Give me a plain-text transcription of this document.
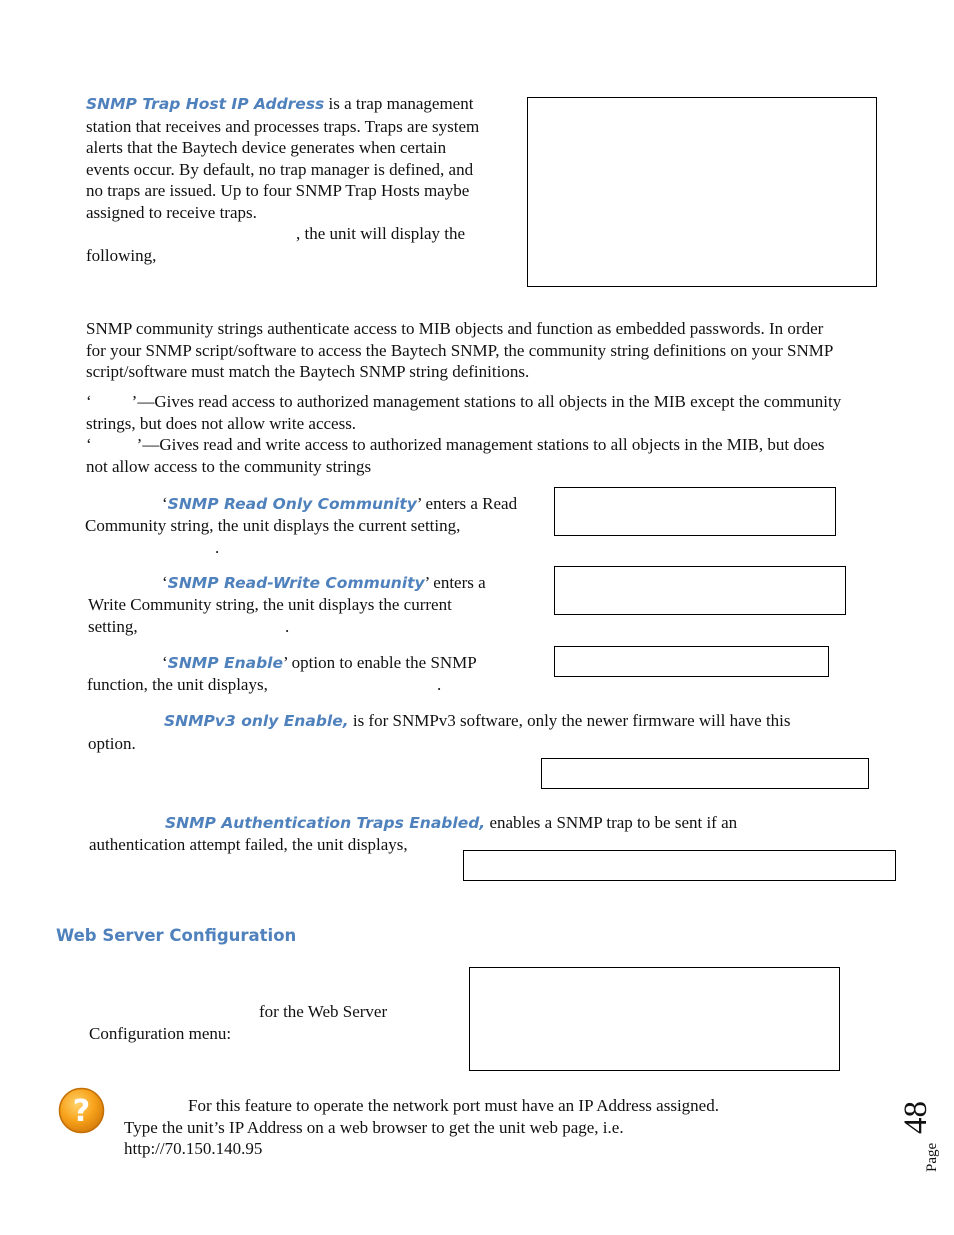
SNMP Trap Host IP Address is a trap management station that receives and processes traps. Traps are system alerts that the Baytech device generates when certain events occur. By default, no trap manager is defined, and no traps are issued. Up to four SNMP Trap Hosts maybe assigned to receive traps.
, the unit will display the following,
SNMP community strings authenticate access to MIB objects and function as embedded passwords. In order for your SNMP script/software to access the Baytech SNMP, the community string definitions on your SNMP script/software must match the Baytech SNMP string definitions.
‘ ’—Gives read access to authorized management stations to all objects in the MIB except the community strings, but does not allow write access.
‘	’—Gives read and write access to authorized management stations to all objects in the MIB, but does not allow access to the community strings
‘SNMP Read Only Community’ enters a Read
Community string, the unit displays the current setting,
.
‘SNMP Read-Write Community’ enters a
Write Community string, the unit displays the current
setting,	.
‘SNMP Enable’ option to enable the SNMP
function, the unit displays,	.
SNMPv3 only Enable, is for SNMPv3 software, only the newer firmware will have this
option.
SNMP Authentication Traps Enabled, enables a SNMP trap to be sent if an
authentication attempt failed, the unit displays,
Web Server Configuration
for the Web Server
Configuration menu:
?	For this feature to operate the network port must have an IP Address assigned.
Type the unit’s IP Address on a web browser to get the unit web page, i.e.
http://70.150.140.95	Page
48
